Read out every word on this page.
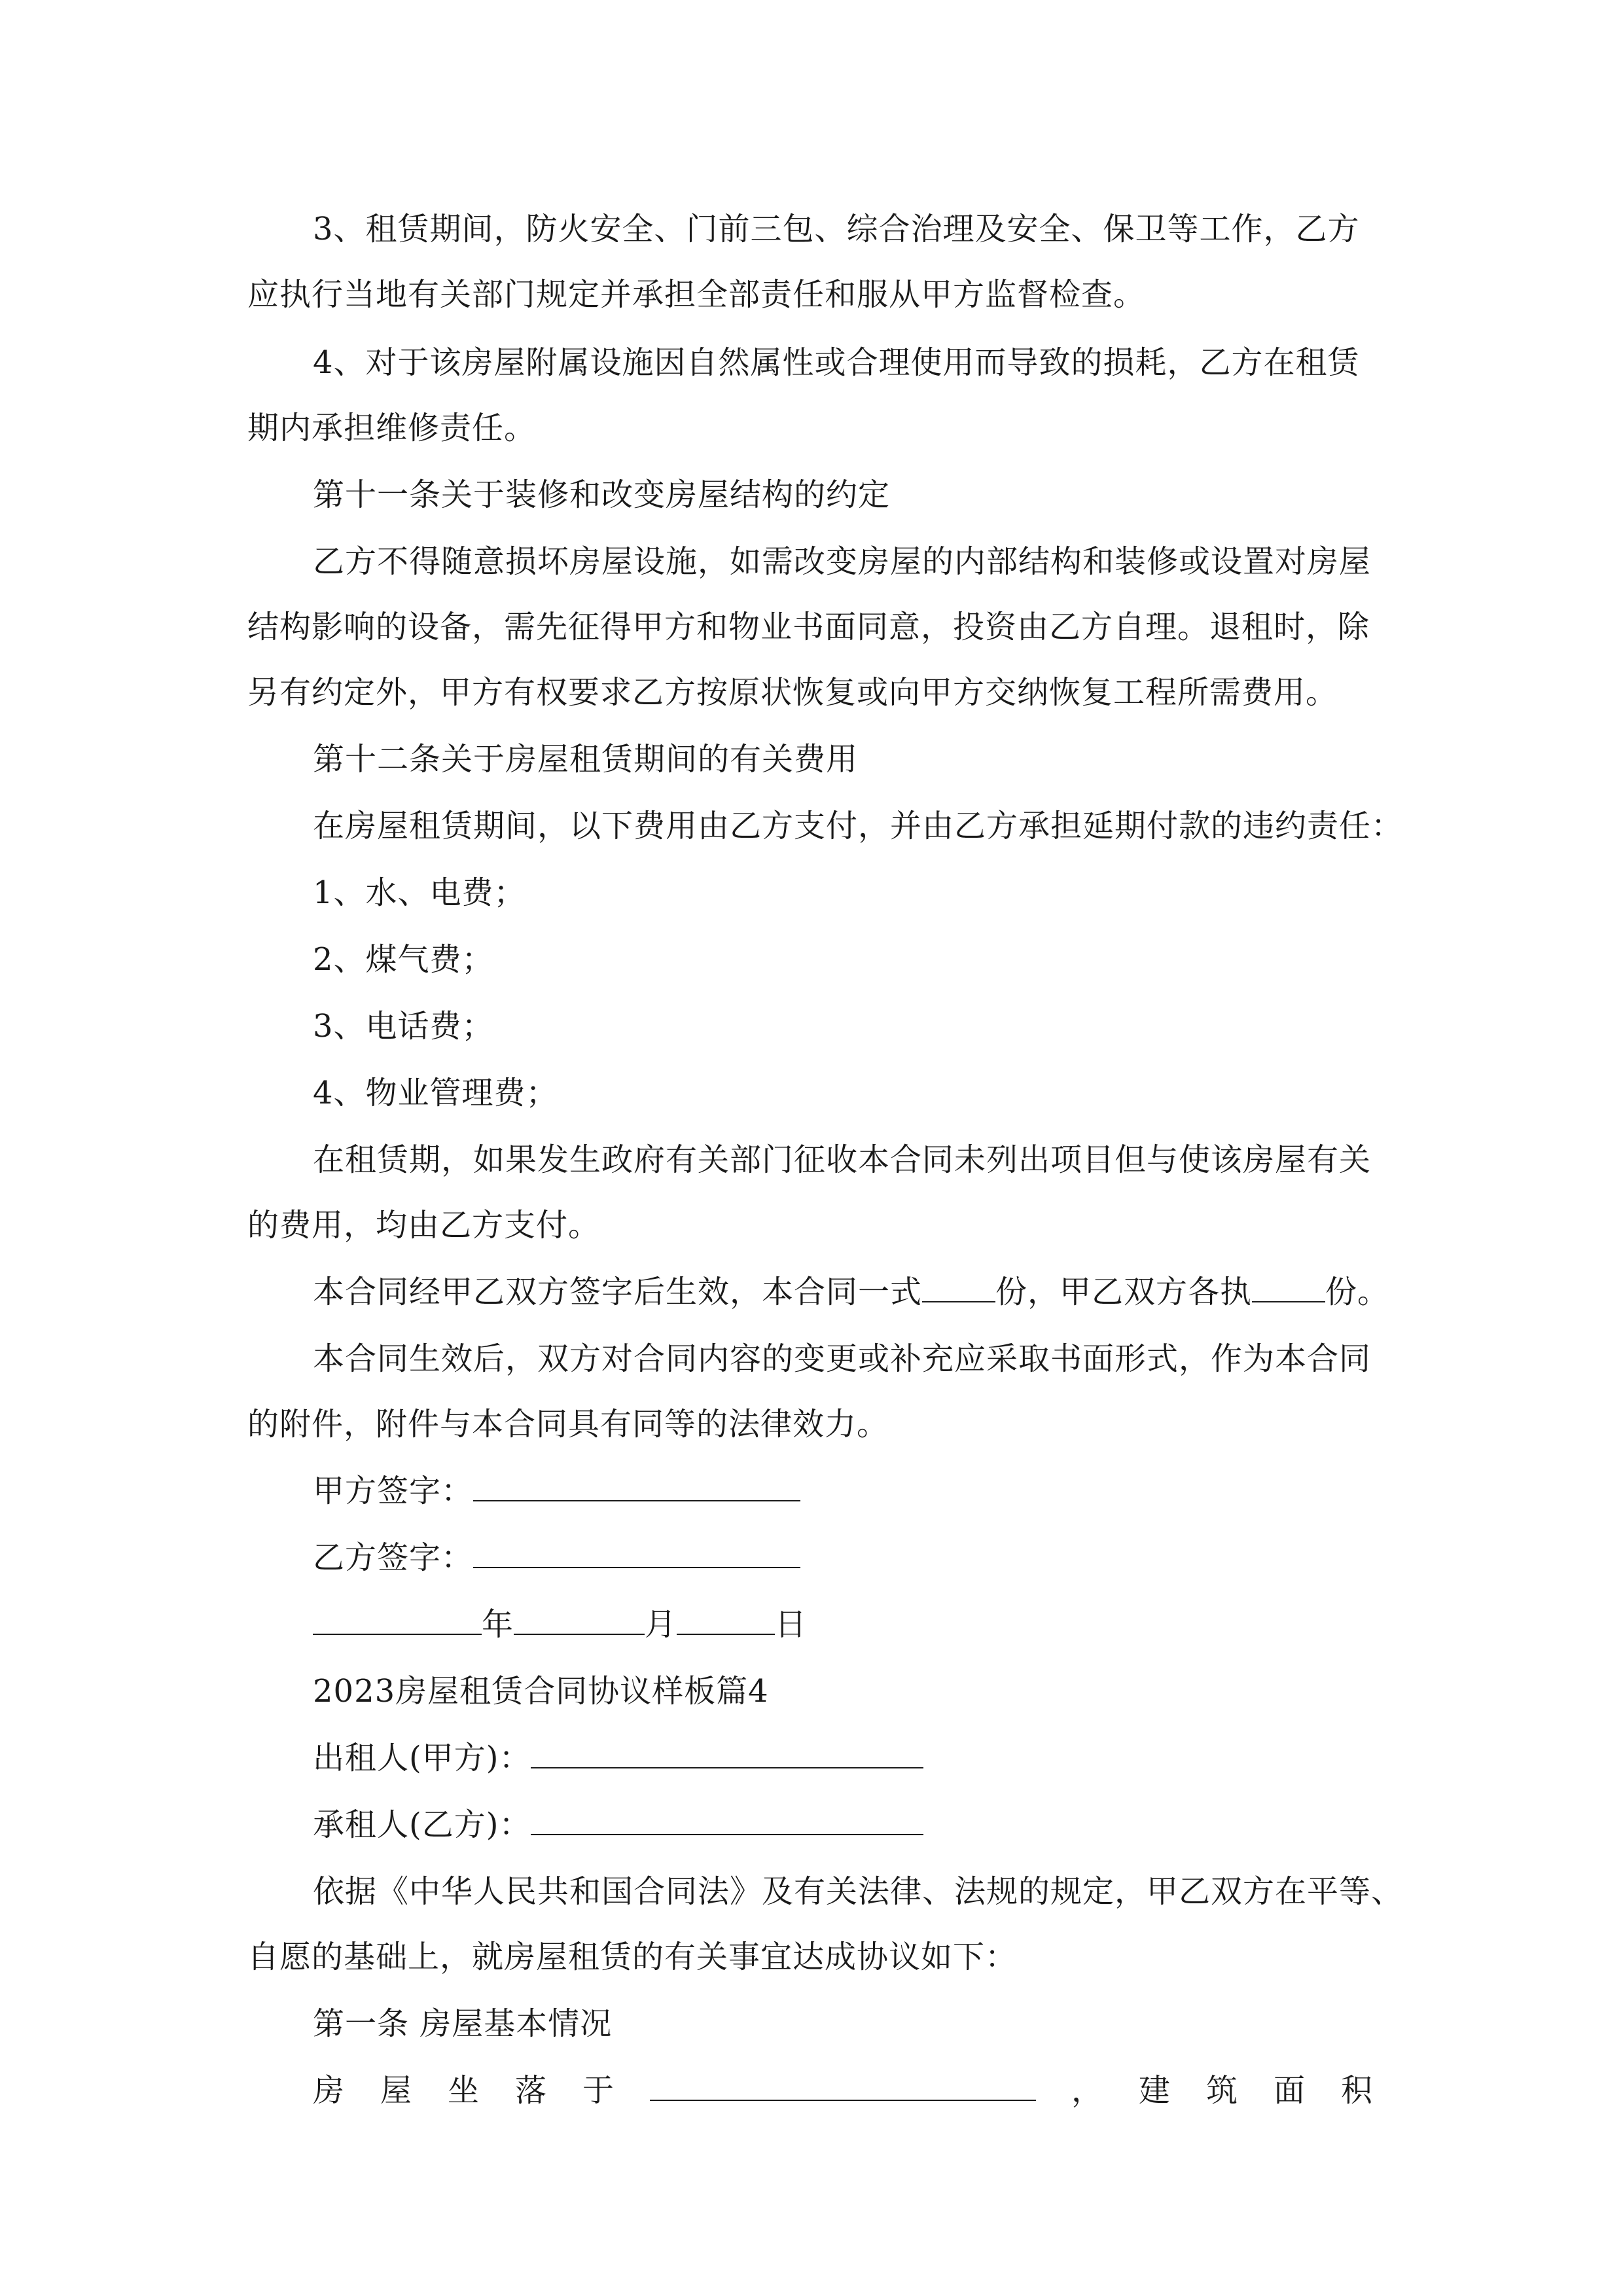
3、租赁期间，防火安全、门前三包、综合治理及安全、保卫等工作，乙方
应执行当地有关部门规定并承担全部责任和服从甲方监督检查。
4、对于该房屋附属设施因自然属性或合理使用而导致的损耗，乙方在租赁
期内承担维修责任。
第十一条关于装修和改变房屋结构的约定
乙方不得随意损坏房屋设施，如需改变房屋的内部结构和装修或设置对房屋
结构影响的设备，需先征得甲方和物业书面同意，投资由乙方自理。退租时，除
另有约定外，甲方有权要求乙方按原状恢复或向甲方交纳恢复工程所需费用。
第十二条关于房屋租赁期间的有关费用
在房屋租赁期间，以下费用由乙方支付，并由乙方承担延期付款的违约责任：
1、水、电费；
2、煤气费；
3、电话费；
4、物业管理费；
在租赁期，如果发生政府有关部门征收本合同未列出项目但与使该房屋有关
的费用，均由乙方支付。
本合同经甲乙双方签字后生效，本合同一式 份，甲乙双方各执 份。
本合同生效后，双方对合同内容的变更或补充应采取书面形式，作为本合同
的附件，附件与本合同具有同等的法律效力。
甲方签字：
乙方签字：
年	月	日
2023房屋租赁合同协议样板篇4
出租人(甲方)：
承租人(乙方)：
依据《中华人民共和国合同法》及有关法律、法规的规定，甲乙双方在平等、
自愿的基础上，就房屋租赁的有关事宜达成协议如下：
第一条 房屋基本情况
房 屋 坐 落 于	， 建 筑 面 积
